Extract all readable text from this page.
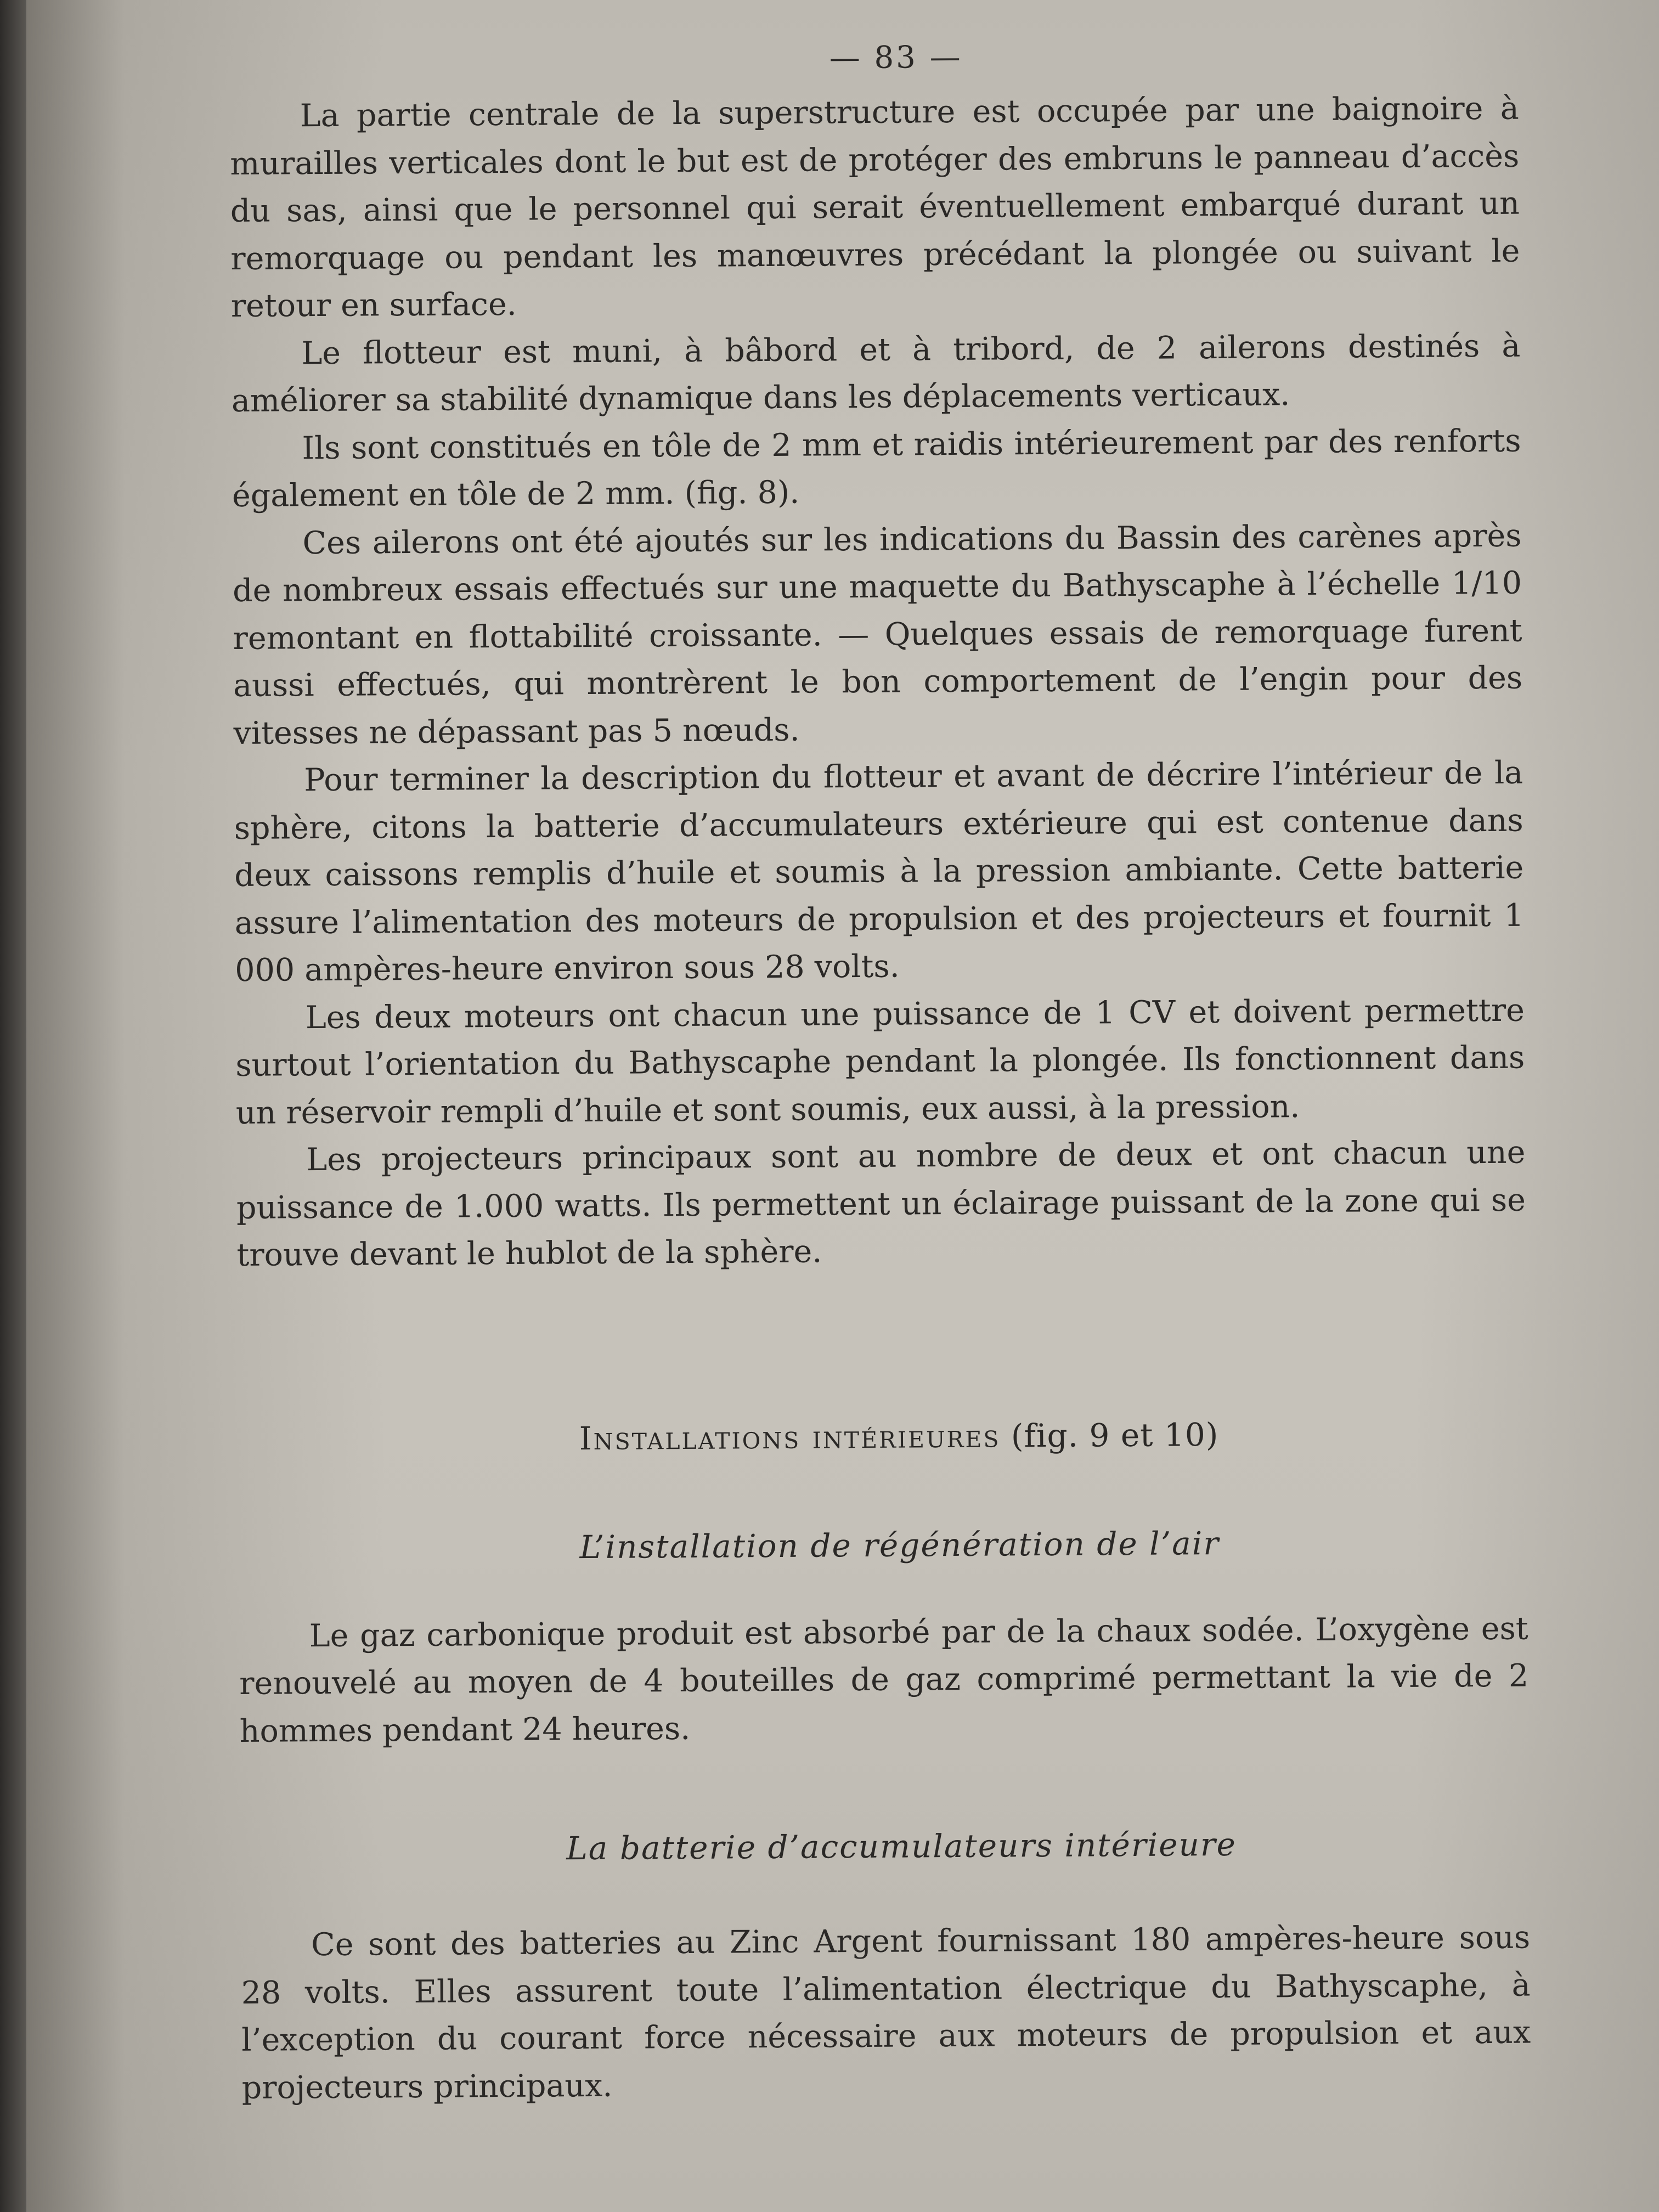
— 83 —

La partie centrale de la superstructure est occupée par une baignoire à murailles verticales dont le but est de protéger des embruns le panneau d’accès du sas, ainsi que le personnel qui serait éventuellement embarqué durant un remorquage ou pendant les manœuvres précédant la plongée ou suivant le retour en surface.

Le flotteur est muni, à bâbord et à tribord, de 2 ailerons destinés à améliorer sa stabilité dynamique dans les déplacements verticaux.

Ils sont constitués en tôle de 2 mm et raidis intérieurement par des renforts également en tôle de 2 mm. (fig. 8).

Ces ailerons ont été ajoutés sur les indications du Bassin des carènes après de nombreux essais effectués sur une maquette du Bathyscaphe à l’échelle 1/10 remontant en flottabilité croissante. — Quelques essais de remorquage furent aussi effectués, qui montrèrent le bon comportement de l’engin pour des vitesses ne dépassant pas 5 nœuds.

Pour terminer la description du flotteur et avant de décrire l’intérieur de la sphère, citons la batterie d’accumulateurs extérieure qui est contenue dans deux caissons remplis d’huile et soumis à la pression ambiante. Cette batterie assure l’alimentation des moteurs de propulsion et des projecteurs et fournit 1 000 ampères-heure environ sous 28 volts.

Les deux moteurs ont chacun une puissance de 1 CV et doivent permettre surtout l’orientation du Bathyscaphe pendant la plongée. Ils fonctionnent dans un réservoir rempli d’huile et sont soumis, eux aussi, à la pression.

Les projecteurs principaux sont au nombre de deux et ont chacun une puissance de 1.000 watts. Ils permettent un éclairage puissant de la zone qui se trouve devant le hublot de la sphère.

Installations intérieures (fig. 9 et 10)
L’installation de régénération de l’air

Le gaz carbonique produit est absorbé par de la chaux sodée. L’oxygène est renouvelé au moyen de 4 bouteilles de gaz comprimé permettant la vie de 2 hommes pendant 24 heures.

La batterie d’accumulateurs intérieure

Ce sont des batteries au Zinc Argent fournissant 180 ampères-heure sous 28 volts. Elles assurent toute l’alimentation électrique du Bathyscaphe, à l’exception du courant force nécessaire aux moteurs de propulsion et aux projecteurs principaux.
